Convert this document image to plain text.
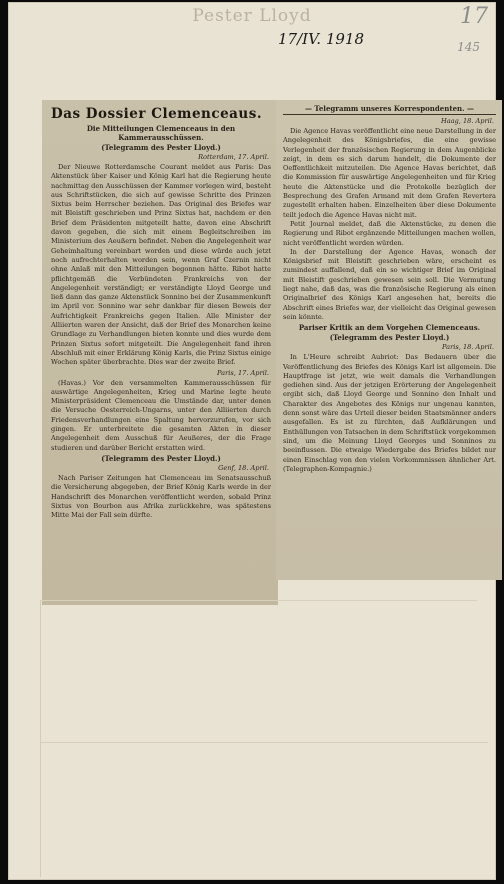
Pester Lloyd
17/IV. 1918
17
145
Das Dossier Clemenceaus.
Die Mitteilungen Clemenceaus in den Kammerausschüssen.
(Telegramm des Pester Lloyd.)
Rotterdam, 17. April.

Der Nieuwe Rotterdamsche Courant meldet aus Paris: Das Aktenstück über Kaiser und König Karl hat die Regierung heute nachmittag den Ausschüssen der Kammer vorlegen wird, besteht aus Schriftstücken, die sich auf gewisse Schritte des Prinzen Sixtus beim Herrscher beziehen. Das Original des Briefes war mit Bleistift geschrieben und Prinz Sixtus hat, nachdem er den Brief dem Präsidenten mitgeteilt hatte, davon eine Abschrift davon gegeben, die sich mit einem Begleitschreiben im Ministerium des Aeußern befindet. Neben die Angelegenheit war Geheimhaltung vereinbart worden und diese würde auch jetzt noch aufrechterhalten worden sein, wenn Graf Czernin nicht ohne Anlaß mit den Mitteilungen begonnen hätte. Ribot hatte pflichtgemäß die Verbündeten Frankreichs von der Angelegenheit verständigt; er verständigte Lloyd George und ließ dann das ganze Aktenstück Sonnino bei der Zusammenkunft im April vor. Sonnino war sehr dankbar für diesen Beweis der Aufrichtigkeit Frankreichs gegen Italien. Alle Minister der Alliierten waren der Ansicht, daß der Brief des Monarchen keine Grundlage zu Verhandlungen bieten konnte und dies wurde dem Prinzen Sixtus sofort mitgeteilt. Die Angelegenheit fand ihren Abschluß mit einer Erklärung König Karls, die Prinz Sixtus einige Wochen später überbrachte. Dies war der zweite Brief.

Paris, 17. April.

(Havas.) Vor den versammelten Kammerausschüssen für auswärtige Angelegenheiten, Krieg und Marine legte heute Ministerpräsident Clemenceau die Umstände dar, unter denen die Versuche Oesterreich-Ungarns, unter den Alliierten durch Friedensverhandlungen eine Spaltung hervorzurufen, vor sich gingen. Er unterbreitete die gesamten Akten in dieser Angelegenheit dem Ausschuß für Aeußeres, der die Frage studieren und darüber Bericht erstatten wird.

(Telegramm des Pester Lloyd.)
Genf, 18. April.

Nach Pariser Zeitungen hat Clemenceau im Senatsausschuß die Versicherung abgegeben, der Brief König Karls werde in der Handschrift des Monarchen veröffentlicht werden, sobald Prinz Sixtus von Bourbon aus Afrika zurückkehre, was spätestens Mitte Mai der Fall sein dürfte.

— Telegramm unseres Korrespondenten. —
Haag, 18. April.

Die Agence Havas veröffentlicht eine neue Darstellung in der Angelegenheit des Königsbriefes, die eine gewisse Verlegenheit der französischen Regierung in dem Augenblicke zeigt, in dem es sich darum handelt, die Dokumente der Oeffentlichkeit mitzuteilen. Die Agence Havas berichtet, daß die Kommission für auswärtige Angelegenheiten und für Krieg heute die Aktenstücke und die Protokolle bezüglich der Besprechung des Grafen Armand mit dem Grafen Revertera zugestellt erhalten haben. Einzelheiten über diese Dokumente teilt jedoch die Agence Havas nicht mit.

Petit Journal meldet, daß die Aktenstücke, zu denen die Regierung und Ribot ergänzende Mitteilungen machen wollen, nicht veröffentlicht werden würden.

In der Darstellung der Agence Havas, wonach der Königsbrief mit Bleistift geschrieben wäre, erscheint es zumindest auffallend, daß ein so wichtiger Brief im Original mit Bleistift geschrieben gewesen sein soll. Die Vermutung liegt nahe, daß das, was die französische Regierung als einen Originalbrief des Königs Karl angesehen hat, bereits die Abschrift eines Briefes war, der vielleicht das Original gewesen sein könnte.

Pariser Kritik an dem Vorgehen Clemenceaus.
(Telegramm des Pester Lloyd.)
Paris, 18. April.

In L'Heure schreibt Aubriot: Das Bedauern über die Veröffentlichung des Briefes des Königs Karl ist allgemein. Die Hauptfrage ist jetzt, wie weit damals die Verhandlungen gediehen sind. Aus der jetzigen Erörterung der Angelegenheit ergibt sich, daß Lloyd George und Sonnino den Inhalt und Charakter des Angebotes des Königs nur ungenau kannten, denn sonst wäre das Urteil dieser beiden Staatsmänner anders ausgefallen. Es ist zu fürchten, daß Aufklärungen und Enthüllungen von Tatsachen in dem Schriftstück vorgekommen sind, um die Meinung Lloyd Georges und Sonninos zu beeinflussen. Die etwaige Wiedergabe des Briefes bildet nur einen Einschlag von den vielen Vorkommnissen ähnlicher Art. (Telegraphen-Kompagnie.)
